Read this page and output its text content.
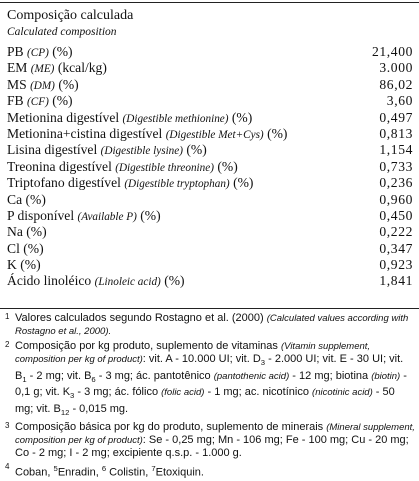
Composição calculada
Calculated composition
PB (CP) (%)	21,400
EM (ME) (kcal/kg)	3.000
MS (DM) (%)	86,02
FB (CF) (%)	3,60
Metionina digestível (Digestible methionine) (%)	0,497
Metionina+cistina digestível (Digestible Met+Cys) (%)	0,813
Lisina digestível (Digestible lysine) (%)	1,154
Treonina digestível (Digestible threonine) (%)	0,733
Triptofano digestível (Digestible tryptophan) (%)	0,236
Ca (%)	0,960
P disponível (Available P) (%)	0,450
Na (%)	0,222
Cl (%)	0,347
K (%)	0,923
Ácido linoléico (Linoleic acid) (%)	1,841
1 Valores calculados segundo Rostagno et al. (2000) (Calculated values according with Rostagno et al., 2000).
2 Composição por kg produto, suplemento de vitaminas (Vitamin supplement, composition per kg of product): vit. A - 10.000 UI; vit. $D_3 - 2.000$ UI; vit. E - 30 UI; vit. $B_1 - 2$ mg; vit. $B_6 - 3$ mg; ác. pantotênico (pantothenic acid) - 12 mg; biotina (biotin) - 0,1 g; vit. $K_3 - 3$ mg; ác. fólico (folic acid) - 1 mg; ac. nicotínico (nicotinic acid) - 50 mg; vit. $B_{12} - 0,015$ mg.
3 Composição básica por kg do produto, suplemento de minerais (Mineral supplement, composition per kg of product): Se - 0,25 mg; Mn - 106 mg; Fe - 100 mg; Cu - 20 mg; Co - 2 mg; I - 2 mg; excipiente q.s.p. - 1.000 g.
4
Coban, $^5$Enradin, $^6$ Colistin, $^7$Etoxiquin.
